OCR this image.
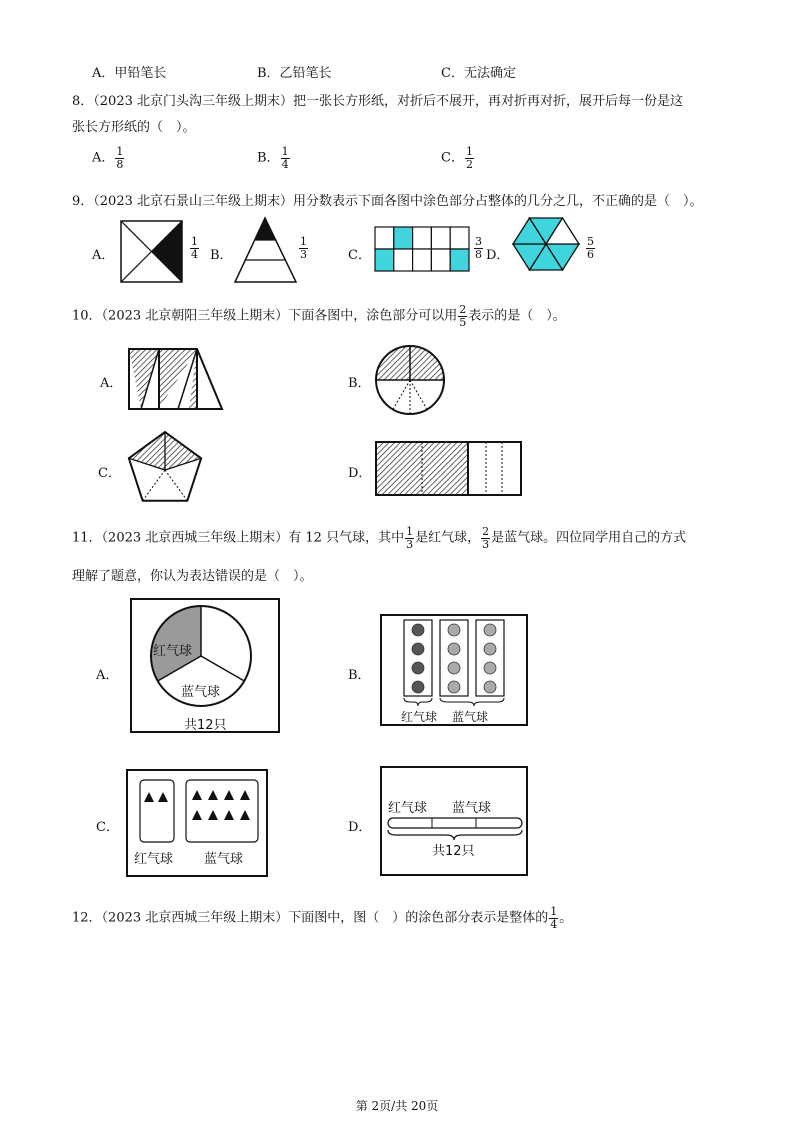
A．甲铅笔长	B．乙铅笔长	C．无法确定
8．（2023 北京门头沟三年级上期末）把一张长方形纸，对折后不展开，再对折再对折，展开后每一份是这
张长方形纸的（　）。
A． $\frac{1}{8}$	B． $\frac{1}{4}$	C． $\frac{1}{2}$
9．（2023 北京石景山三年级上期末）用分数表示下面各图中涂色部分占整体的几分之几，不正确的是（　）。
A．	$\frac{1}{4}$ B．	$\frac{1}{3}$	C．	$\frac{3}{8}$ D．	$\frac{5}{6}$
10．（2023 北京朝阳三年级上期末）下面各图中，涂色部分可以用 $\frac{2}{5}$ 表示的是（　）。
A．	B．
C．	D．
11．（2023 北京西城三年级上期末）有 12 只气球，其中 $\frac{1}{3}$ 是红气球， $\frac{2}{3}$ 是蓝气球。四位同学用自己的方式
理解了题意，你认为表达错误的是（　）。
A．
红气球
蓝气球
共12只
B．
红气球 蓝气球
C．
红气球 蓝气球
D．
红气球 蓝气球
共12只
12．（2023 北京西城三年级上期末）下面图中，图（　）的涂色部分表示是整体的 $\frac{1}{4}$ 。
第 2页/共 20页
